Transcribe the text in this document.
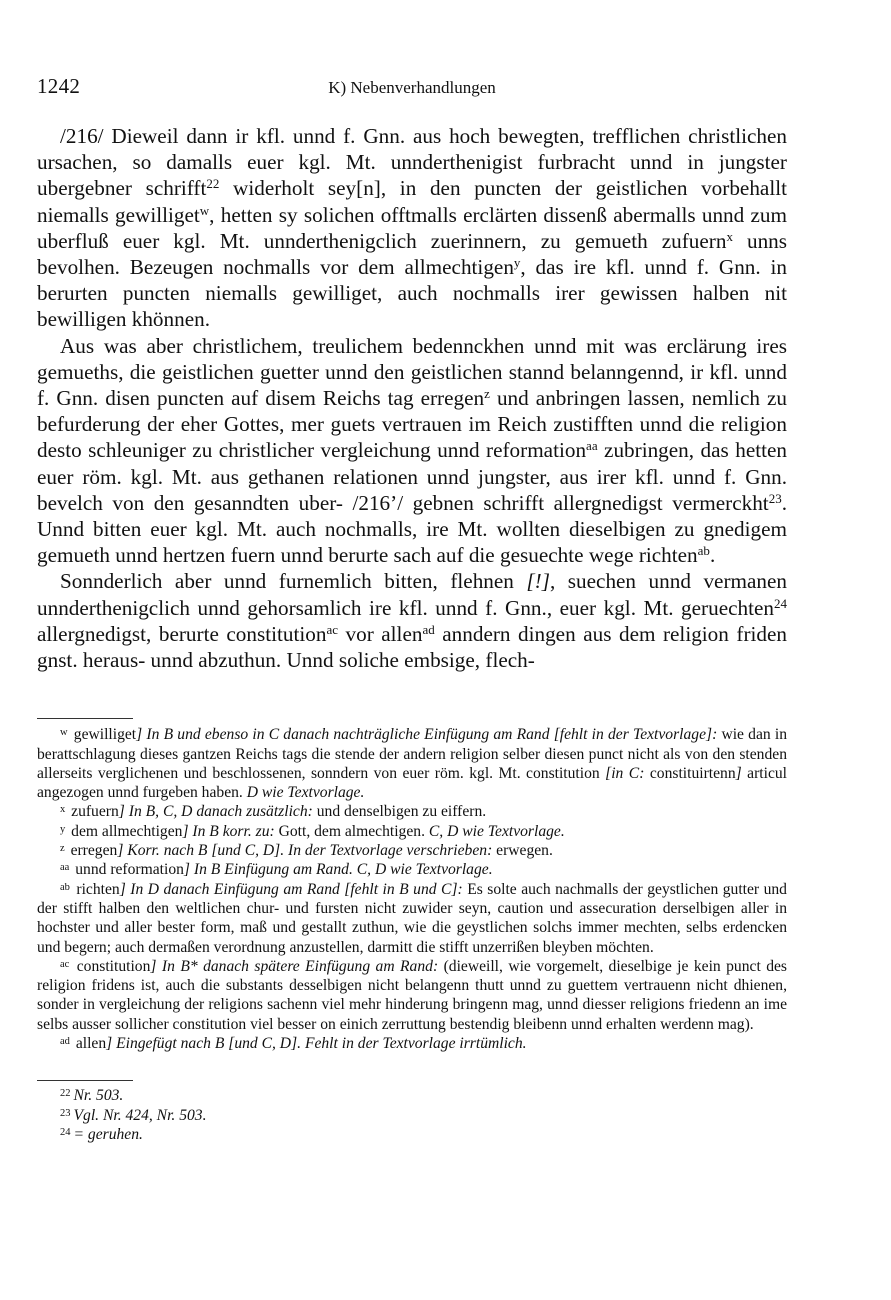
1242	K) Nebenverhandlungen

/216/ Dieweil dann ir kfl. unnd f. Gnn. aus hoch bewegten, trefflichen christlichen ursachen, so damalls euer kgl. Mt. unnderthenigist furbracht unnd in jungster ubergebner schrifft$^{22}$ widerholt sey[n], in den puncten der geistlichen vorbehallt niemalls gewilliget$^w$, hetten sy solichen offtmalls erclärten dissenß abermalls unnd zum uberfluß euer kgl. Mt. unnderthenigclich zuerinnern, zu gemueth zufuern$^x$ unns bevolhen. Bezeugen nochmalls vor dem allmechtigen$^y$, das ire kfl. unnd f. Gnn. in berurten puncten niemalls gewilliget, auch nochmalls irer gewissen halben nit bewilligen khönnen.

Aus was aber christlichem, treulichem bedennckhen unnd mit was erclärung ires gemueths, die geistlichen guetter unnd den geistlichen stannd belanngennd, ir kfl. unnd f. Gnn. disen puncten auf disem Reichs tag erregen$^z$ und anbringen lassen, nemlich zu befurderung der eher Gottes, mer guets vertrauen im Reich zustifften unnd die religion desto schleuniger zu christlicher vergleichung unnd reformation$^{aa}$ zubringen, das hetten euer röm. kgl. Mt. aus gethanen relationen unnd jungster, aus irer kfl. unnd f. Gnn. bevelch von den gesanndten uber- /216’/ gebnen schrifft allergnedigst vermerckht$^{23}$. Unnd bitten euer kgl. Mt. auch nochmalls, ire Mt. wollten dieselbigen zu gnedigem gemueth unnd hertzen fuern unnd berurte sach auf die gesuechte wege richten$^{ab}$.

Sonnderlich aber unnd furnemlich bitten, flehnen [!], suechen unnd vermanen unnderthenigclich unnd gehorsamlich ire kfl. unnd f. Gnn., euer kgl. Mt. geruechten$^{24}$ allergnedigst, berurte constitution$^{ac}$ vor allen$^{ad}$ anndern dingen aus dem religion friden gnst. heraus- unnd abzuthun. Unnd soliche embsige, flech-

$^w$ gewilliget] In B und ebenso in C danach nachträgliche Einfügung am Rand [fehlt in der Textvorlage]: wie dan in berattschlagung dieses gantzen Reichs tags die stende der andern religion selber diesen punct nicht als von den stenden allerseits verglichenen und beschlossenen, sonndern von euer röm. kgl. Mt. constitution [in C: constituirtenn] articul angezogen unnd furgeben haben. D wie Textvorlage.

$^x$ zufuern] In B, C, D danach zusätzlich: und denselbigen zu eiffern.

$^y$ dem allmechtigen] In B korr. zu: Gott, dem almechtigen. C, D wie Textvorlage.

$^z$ erregen] Korr. nach B [und C, D]. In der Textvorlage verschrieben: erwegen.

$^{aa}$ unnd reformation] In B Einfügung am Rand. C, D wie Textvorlage.

$^{ab}$ richten] In D danach Einfügung am Rand [fehlt in B und C]: Es solte auch nachmalls der geystlichen gutter und der stifft halben den weltlichen chur- und fursten nicht zuwider seyn, caution und assecuration derselbigen aller in hochster und aller bester form, maß und gestallt zuthun, wie die geystlichen solchs immer mechten, selbs erdencken und begern; auch dermaßen verordnung anzustellen, darmitt die stifft unzerrißen bleyben möchten.

$^{ac}$ constitution] In B* danach spätere Einfügung am Rand: (dieweill, wie vorgemelt, dieselbige je kein punct des religion fridens ist, auch die substants desselbigen nicht belangenn thutt unnd zu guettem vertrauenn nicht dhienen, sonder in vergleichung der religions sachenn viel mehr hinderung bringenn mag, unnd diesser religions friedenn an ime selbs ausser sollicher constitution viel besser on einich zerruttung bestendig bleibenn unnd erhalten werdenn mag).

$^{ad}$ allen] Eingefügt nach B [und C, D]. Fehlt in der Textvorlage irrtümlich.

$^{22}$ Nr. 503.

$^{23}$ Vgl. Nr. 424, Nr. 503.

$^{24}$ = geruhen.
